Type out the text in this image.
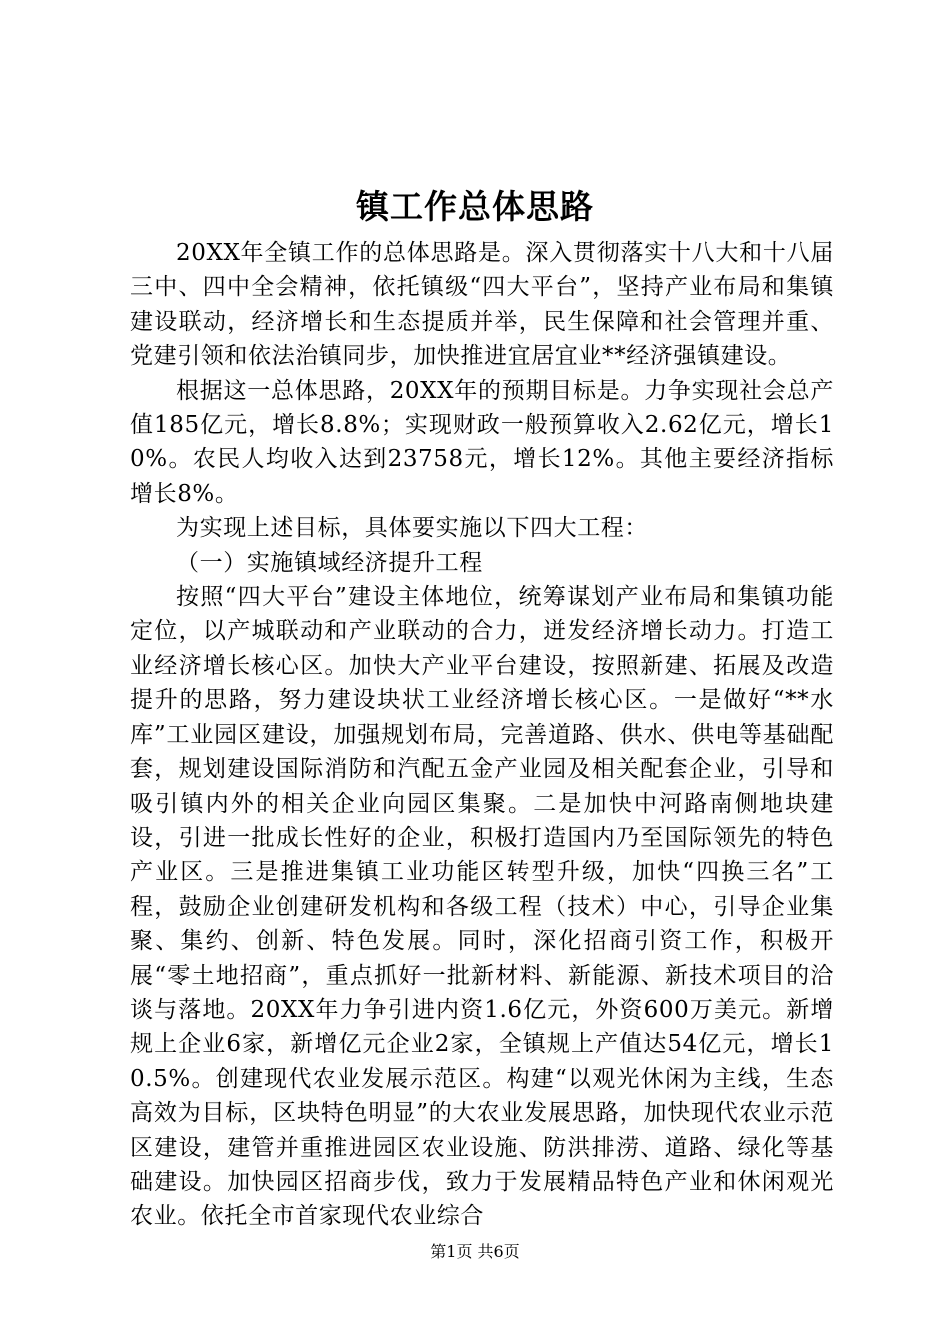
镇工作总体思路

20XX年全镇工作的总体思路是。深入贯彻落实十八大和十八届三中、四中全会精神，依托镇级“四大平台”，坚持产业布局和集镇建设联动，经济增长和生态提质并举，民生保障和社会管理并重、党建引领和依法治镇同步，加快推进宜居宜业**经济强镇建设。

根据这一总体思路，20XX年的预期目标是。力争实现社会总产值185亿元，增长8.8%；实现财政一般预算收入2.62亿元，增长10%。农民人均收入达到23758元，增长12%。其他主要经济指标增长8%。

为实现上述目标，具体要实施以下四大工程：

（一）实施镇域经济提升工程

按照“四大平台”建设主体地位，统筹谋划产业布局和集镇功能定位，以产城联动和产业联动的合力，迸发经济增长动力。打造工业经济增长核心区。加快大产业平台建设，按照新建、拓展及改造提升的思路，努力建设块状工业经济增长核心区。一是做好“**水库”工业园区建设，加强规划布局，完善道路、供水、供电等基础配套，规划建设国际消防和汽配五金产业园及相关配套企业，引导和吸引镇内外的相关企业向园区集聚。二是加快中河路南侧地块建设，引进一批成长性好的企业，积极打造国内乃至国际领先的特色产业区。三是推进集镇工业功能区转型升级，加快“四换三名”工程，鼓励企业创建研发机构和各级工程（技术）中心，引导企业集聚、集约、创新、特色发展。同时，深化招商引资工作，积极开展“零土地招商”，重点抓好一批新材料、新能源、新技术项目的洽谈与落地。20XX年力争引进内资1.6亿元，外资600万美元。新增规上企业6家，新增亿元企业2家，全镇规上产值达54亿元，增长10.5%。创建现代农业发展示范区。构建“以观光休闲为主线，生态高效为目标，区块特色明显”的大农业发展思路，加快现代农业示范区建设，建管并重推进园区农业设施、防洪排涝、道路、绿化等基础建设。加快园区招商步伐，致力于发展精品特色产业和休闲观光农业。依托全市首家现代农业综合

第1页 共6页
